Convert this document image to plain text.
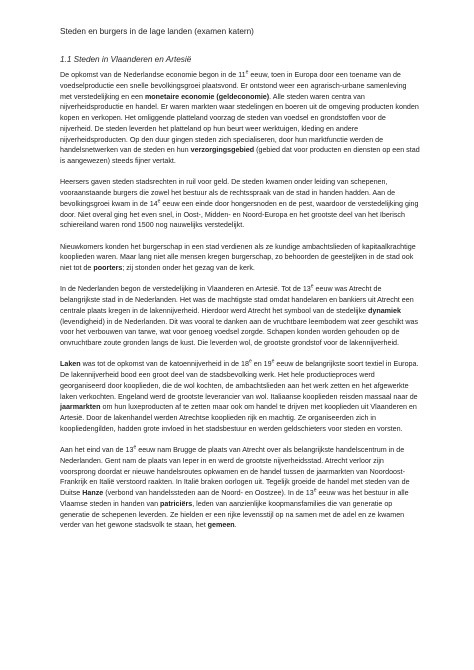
Steden en burgers in de lage landen (examen katern)
1.1 Steden in Vlaanderen en Artesië

De opkomst van de Nederlandse economie begon in de 11e eeuw, toen in Europa door een toename van de voedselproductie een snelle bevolkingsgroei plaatsvond. Er ontstond weer een agrarisch-urbane samenleving met verstedelijking en een monetaire economie (geldeconomie). Alle steden waren centra van nijverheidsproductie en handel. Er waren markten waar stedelingen en boeren uit de omgeving producten konden kopen en verkopen. Het omliggende platteland voorzag de steden van voedsel en grondstoffen voor de nijverheid. De steden leverden het platteland op hun beurt weer werktuigen, kleding en andere nijverheidsproducten. Op den duur gingen steden zich specialiseren, door hun marktfunctie werden de handelsnetwerken van de steden en hun verzorgingsgebied (gebied dat voor producten en diensten op een stad is aangewezen) steeds fijner vertakt.

Heersers gaven steden stadsrechten in ruil voor geld. De steden kwamen onder leiding van schepenen, vooraanstaande burgers die zowel het bestuur als de rechtsspraak van de stad in handen hadden. Aan de bevolkingsgroei kwam in de 14e eeuw een einde door hongersnoden en de pest, waardoor de verstedelijking ging door. Niet overal ging het even snel, in Oost-, Midden- en Noord-Europa en het grootste deel van het Iberisch schiereiland waren rond 1500 nog nauwelijks verstedelijkt.

Nieuwkomers konden het burgerschap in een stad verdienen als ze kundige ambachtslieden of kapitaalkrachtige kooplieden waren. Maar lang niet alle mensen kregen burgerschap, zo behoorden de geesteljken in de stad ook niet tot de poorters; zij stonden onder het gezag van de kerk.

In de Nederlanden begon de verstedelijking in Vlaanderen en Artesië. Tot de 13e eeuw was Atrecht de belangrijkste stad in de Nederlanden. Het was de machtigste stad omdat handelaren en bankiers uit Atrecht een centrale plaats kregen in de lakennijverheid. Hierdoor werd Atrecht het symbool van de stedelijke dynamiek (levendigheid) in de Nederlanden. Dit was vooral te danken aan de vruchtbare leembodem wat zeer geschikt was voor het verbouwen van tarwe, wat voor genoeg voedsel zorgde. Schapen konden worden gehouden op de onvruchtbare zoute gronden langs de kust. Die leverden wol, de grootste grondstof voor de lakennijverheid.

Laken was tot de opkomst van de katoennijverheid in de 18e en 19e eeuw de belangrijkste soort textiel in Europa. De lakennijverheid bood een groot deel van de stadsbevolking werk. Het hele productieproces werd georganiseerd door kooplieden, die de wol kochten, de ambachtslieden aan het werk zetten en het afgewerkte laken verkochten. Engeland werd de grootste leverancier van wol. Italiaanse kooplieden reisden massaal naar de jaarmarkten om hun luxeproducten af te zetten maar ook om handel te drijven met kooplieden uit Vlaanderen en Artesië. Door de lakenhandel werden Atrechtse kooplieden rijk en machtig. Ze organiseerden zich in koopliedengilden, hadden grote invloed in het stadsbestuur en werden geldschieters voor steden en vorsten.

Aan het eind van de 13e eeuw nam Brugge de plaats van Atrecht over als belangrijkste handelscentrum in de Nederlanden. Gent nam de plaats van Ieper in en werd de grootste nijverheidsstad. Atrecht verloor zijn voorsprong doordat er nieuwe handelsroutes opkwamen en de handel tussen de jaarmarkten van Noordoost-Frankrijk en Italië verstoord raakten. In Italië braken oorlogen uit. Tegelijk groeide de handel met steden van de Duitse Hanze (verbond van handelssteden aan de Noord- en Oostzee). In de 13e eeuw was het bestuur in alle Vlaamse steden in handen van patriciërs, leden van aanzienlijke koopmansfamilies die van generatie op generatie de schepenen leverden. Ze hielden er een rijke levensstijl op na samen met de adel en ze kwamen verder van het gewone stadsvolk te staan, het gemeen.
